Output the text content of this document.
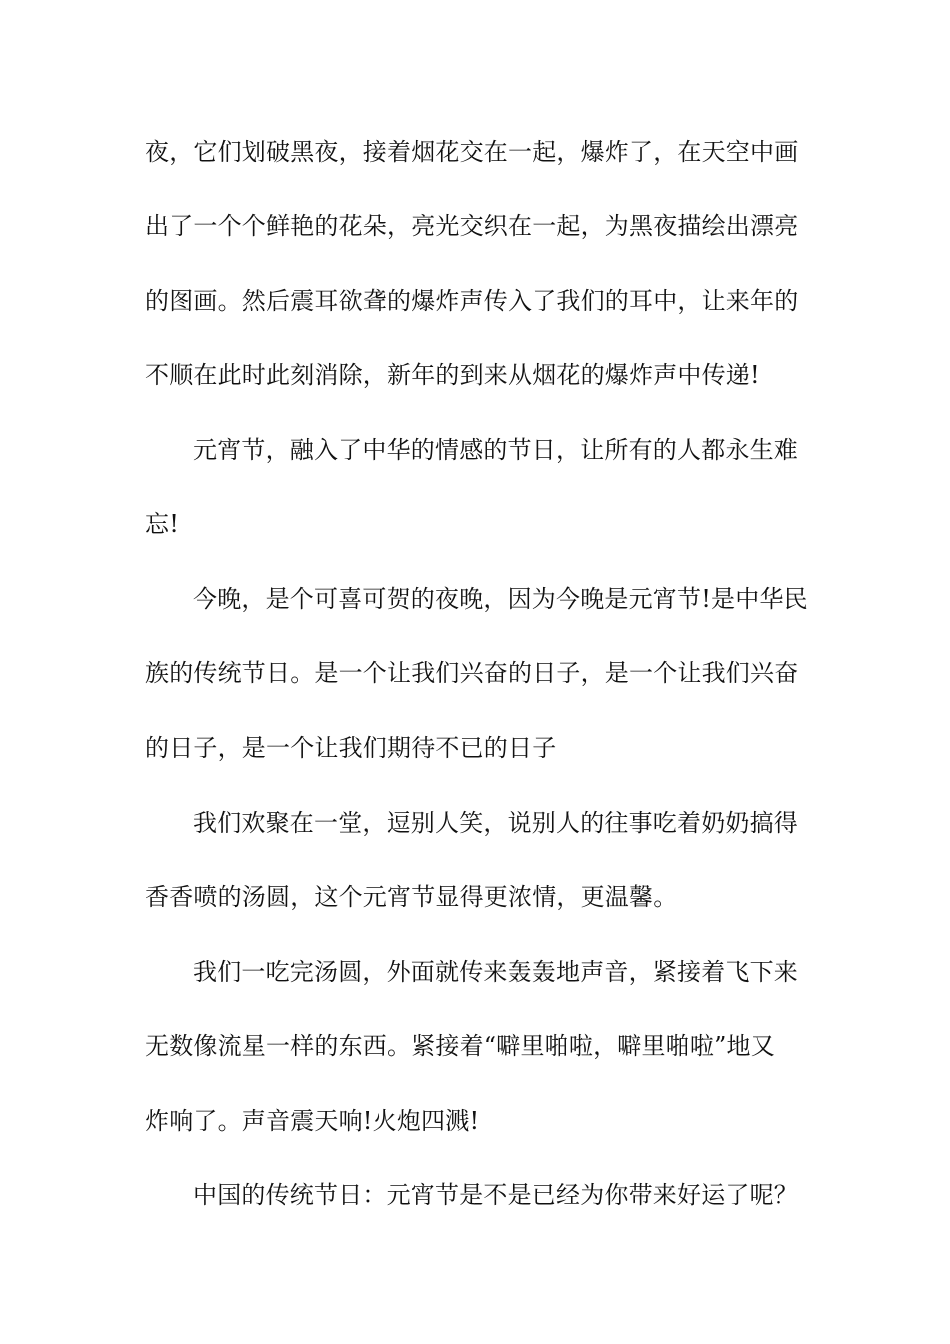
夜，它们划破黑夜，接着烟花交在一起，爆炸了，在天空中画
出了一个个鲜艳的花朵，亮光交织在一起，为黑夜描绘出漂亮
的图画。然后震耳欲聋的爆炸声传入了我们的耳中，让来年的
不顺在此时此刻消除，新年的到来从烟花的爆炸声中传递!
元宵节，融入了中华的情感的节日，让所有的人都永生难
忘!
今晚，是个可喜可贺的夜晚，因为今晚是元宵节!是中华民
族的传统节日。是一个让我们兴奋的日子，是一个让我们兴奋
的日子，是一个让我们期待不已的日子
我们欢聚在一堂，逗别人笑，说别人的往事吃着奶奶搞得
香香喷的汤圆，这个元宵节显得更浓情，更温馨。
我们一吃完汤圆，外面就传来轰轰地声音，紧接着飞下来
无数像流星一样的东西。紧接着“噼里啪啦，噼里啪啦”地又
炸响了。声音震天响!火炮四溅!
中国的传统节日：元宵节是不是已经为你带来好运了呢？
